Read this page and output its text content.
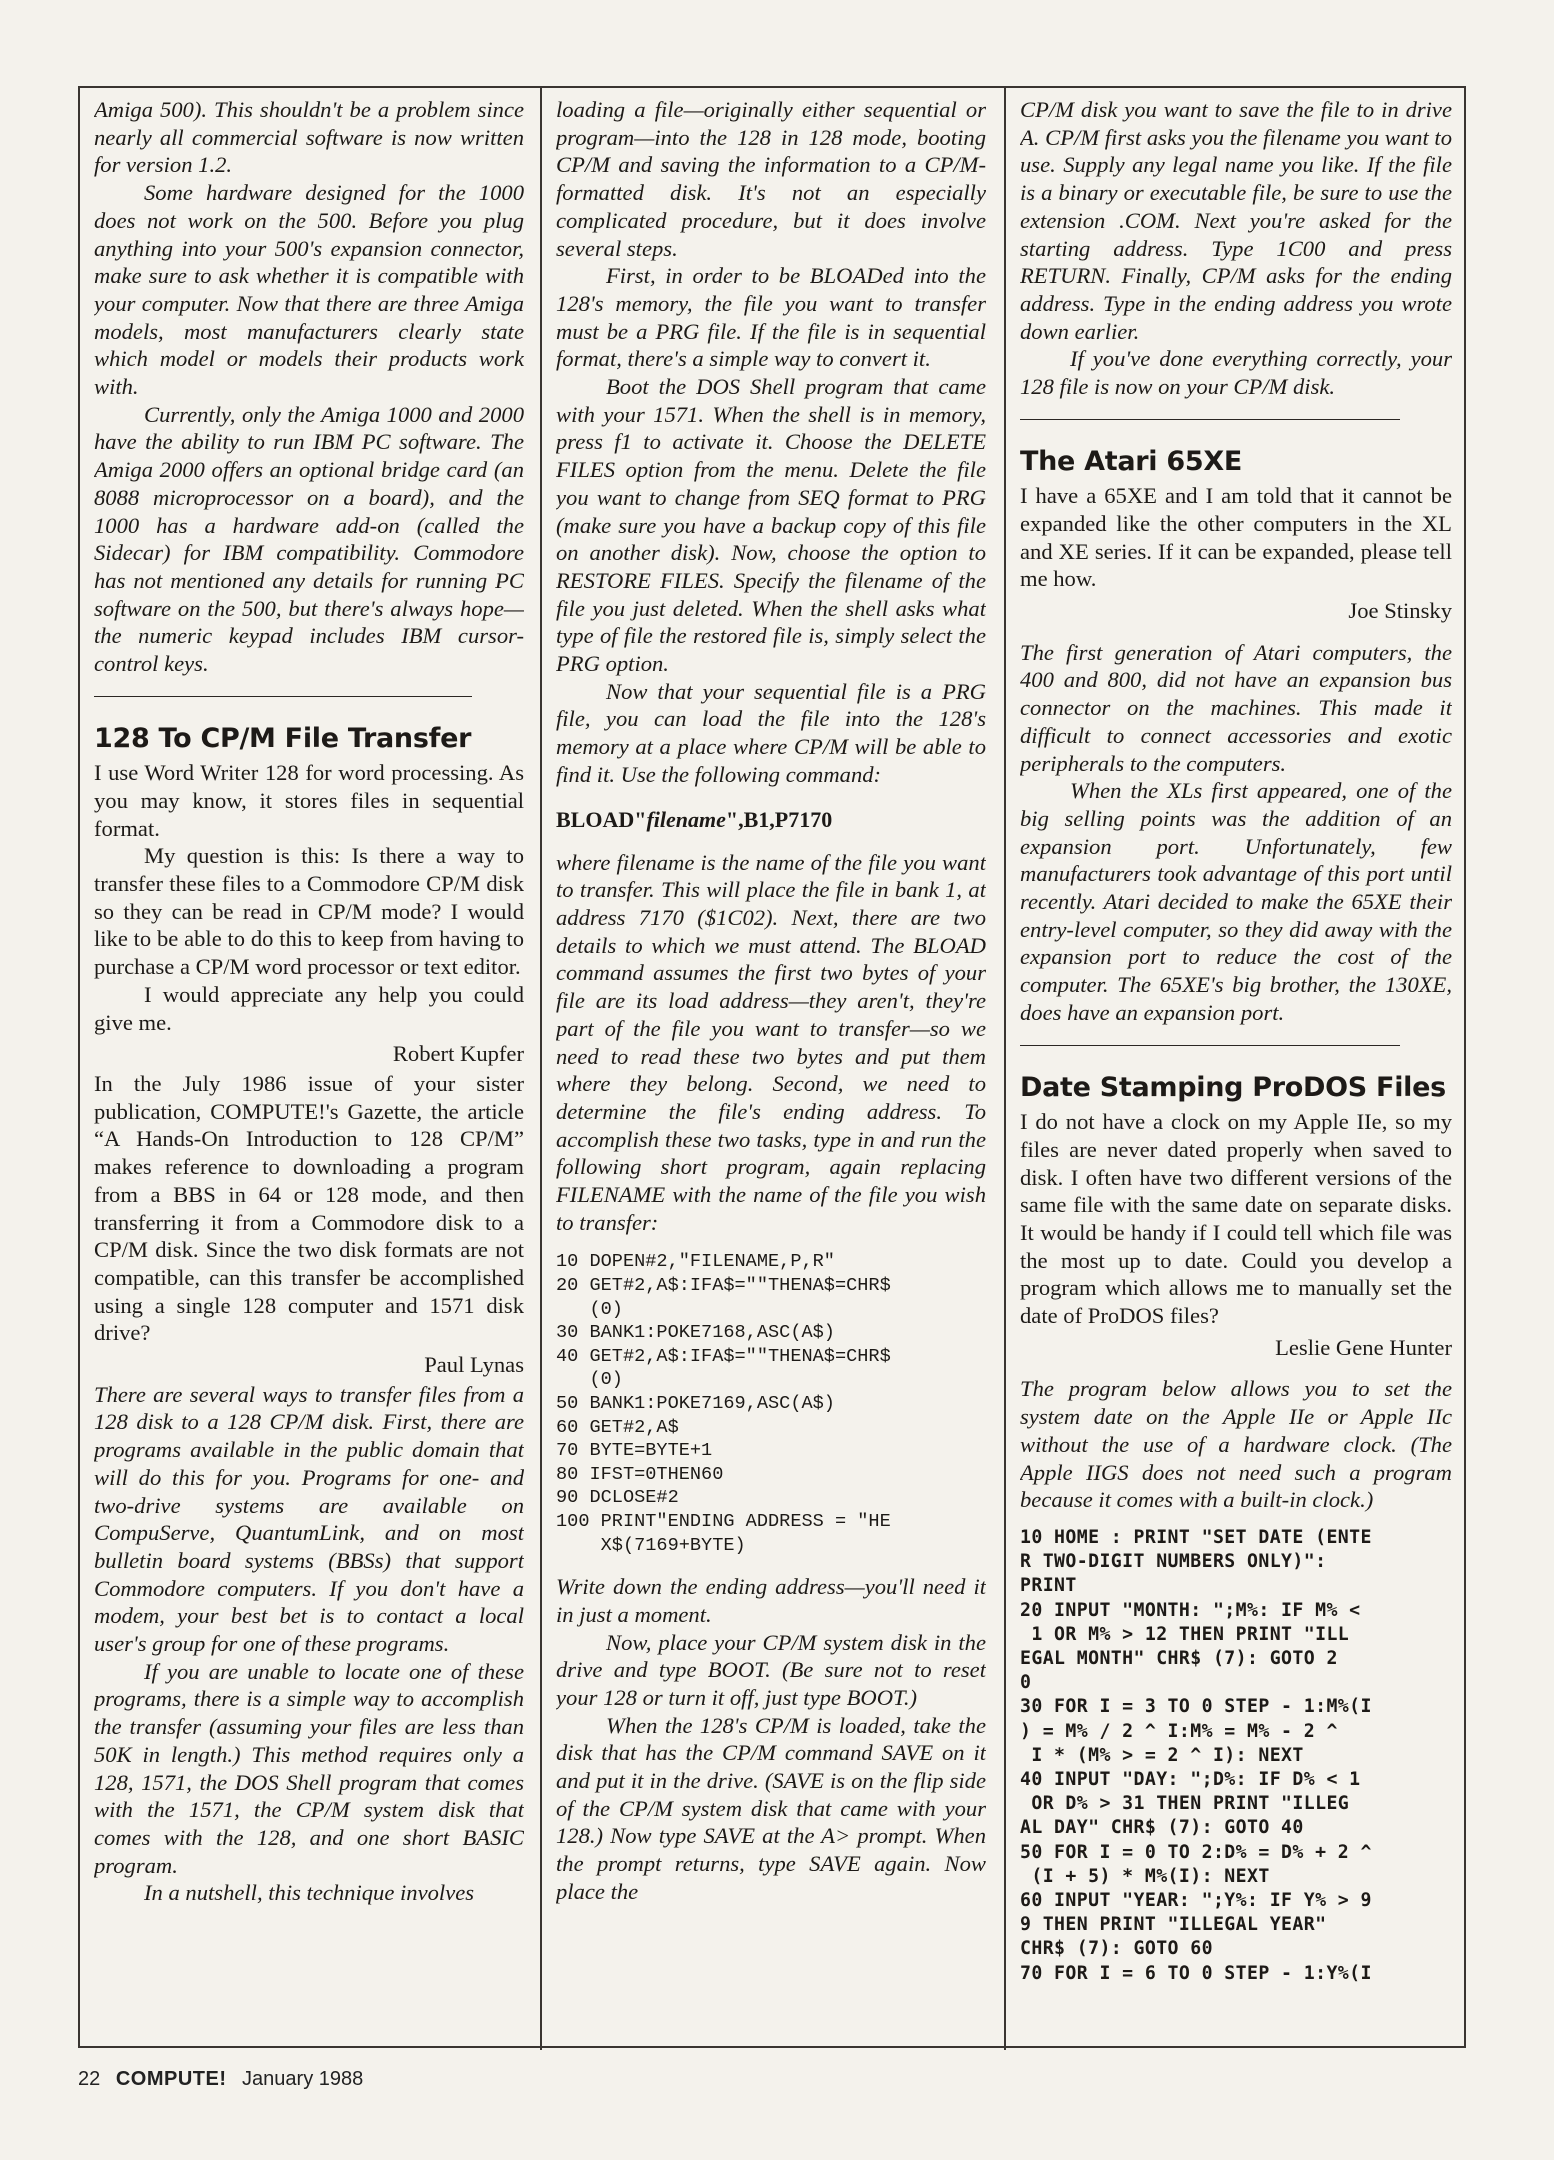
Amiga 500). This shouldn't be a problem since nearly all commercial software is now written for version 1.2.

Some hardware designed for the 1000 does not work on the 500. Before you plug anything into your 500's expansion connector, make sure to ask whether it is compatible with your computer. Now that there are three Amiga models, most manufacturers clearly state which model or models their products work with.

Currently, only the Amiga 1000 and 2000 have the ability to run IBM PC software. The Amiga 2000 offers an optional bridge card (an 8088 microprocessor on a board), and the 1000 has a hardware add-on (called the Sidecar) for IBM compatibility. Commodore has not mentioned any details for running PC software on the 500, but there's always hope—the numeric keypad includes IBM cursor-control keys.

128 To CP/M File Transfer

I use Word Writer 128 for word processing. As you may know, it stores files in sequential format.

My question is this: Is there a way to transfer these files to a Commodore CP/M disk so they can be read in CP/M mode? I would like to be able to do this to keep from having to purchase a CP/M word processor or text editor.

I would appreciate any help you could give me.

Robert Kupfer

In the July 1986 issue of your sister publication, COMPUTE!'s Gazette, the article “A Hands-On Introduction to 128 CP/M” makes reference to downloading a program from a BBS in 64 or 128 mode, and then transferring it from a Commodore disk to a CP/M disk. Since the two disk formats are not compatible, can this transfer be accomplished using a single 128 computer and 1571 disk drive?

Paul Lynas

There are several ways to transfer files from a 128 disk to a 128 CP/M disk. First, there are programs available in the public domain that will do this for you. Programs for one- and two-drive systems are available on CompuServe, QuantumLink, and on most bulletin board systems (BBSs) that support Commodore computers. If you don't have a modem, your best bet is to contact a local user's group for one of these programs.

If you are unable to locate one of these programs, there is a simple way to accomplish the transfer (assuming your files are less than 50K in length.) This method requires only a 128, 1571, the DOS Shell program that comes with the 1571, the CP/M system disk that comes with the 128, and one short BASIC program.

In a nutshell, this technique involves

loading a file—originally either sequential or program—into the 128 in 128 mode, booting CP/M and saving the information to a CP/M-formatted disk. It's not an especially complicated procedure, but it does involve several steps.

First, in order to be BLOADed into the 128's memory, the file you want to transfer must be a PRG file. If the file is in sequential format, there's a simple way to convert it.

Boot the DOS Shell program that came with your 1571. When the shell is in memory, press f1 to activate it. Choose the DELETE FILES option from the menu. Delete the file you want to change from SEQ format to PRG (make sure you have a backup copy of this file on another disk). Now, choose the option to RESTORE FILES. Specify the filename of the file you just deleted. When the shell asks what type of file the restored file is, simply select the PRG option.

Now that your sequential file is a PRG file, you can load the file into the 128's memory at a place where CP/M will be able to find it. Use the following command:

BLOAD"filename",B1,P7170

where filename is the name of the file you want to transfer. This will place the file in bank 1, at address 7170 ($1C02). Next, there are two details to which we must attend. The BLOAD command assumes the first two bytes of your file are its load address—they aren't, they're part of the file you want to transfer—so we need to read these two bytes and put them where they belong. Second, we need to determine the file's ending address. To accomplish these two tasks, type in and run the following short program, again replacing FILENAME with the name of the file you wish to transfer:

10 DOPEN#2,"FILENAME,P,R"
20 GET#2,A$:IFA$=""THENA$=CHR$
(0)
30 BANK1:POKE7168,ASC(A$)
40 GET#2,A$:IFA$=""THENA$=CHR$
(0)
50 BANK1:POKE7169,ASC(A$)
60 GET#2,A$
70 BYTE=BYTE+1
80 IFST=0THEN60
90 DCLOSE#2
100 PRINT"ENDING ADDRESS = "HE
X$(7169+BYTE)

Write down the ending address—you'll need it in just a moment.

Now, place your CP/M system disk in the drive and type BOOT. (Be sure not to reset your 128 or turn it off, just type BOOT.)

When the 128's CP/M is loaded, take the disk that has the CP/M command SAVE on it and put it in the drive. (SAVE is on the flip side of the CP/M system disk that came with your 128.) Now type SAVE at the A> prompt. When the prompt returns, type SAVE again. Now place the

CP/M disk you want to save the file to in drive A. CP/M first asks you the filename you want to use. Supply any legal name you like. If the file is a binary or executable file, be sure to use the extension .COM. Next you're asked for the starting address. Type 1C00 and press RETURN. Finally, CP/M asks for the ending address. Type in the ending address you wrote down earlier.

If you've done everything correctly, your 128 file is now on your CP/M disk.

The Atari 65XE

I have a 65XE and I am told that it cannot be expanded like the other computers in the XL and XE series. If it can be expanded, please tell me how.

Joe Stinsky

The first generation of Atari computers, the 400 and 800, did not have an expansion bus connector on the machines. This made it difficult to connect accessories and exotic peripherals to the computers.

When the XLs first appeared, one of the big selling points was the addition of an expansion port. Unfortunately, few manufacturers took advantage of this port until recently. Atari decided to make the 65XE their entry-level computer, so they did away with the expansion port to reduce the cost of the computer. The 65XE's big brother, the 130XE, does have an expansion port.

Date Stamping ProDOS Files

I do not have a clock on my Apple IIe, so my files are never dated properly when saved to disk. I often have two different versions of the same file with the same date on separate disks. It would be handy if I could tell which file was the most up to date. Could you develop a program which allows me to manually set the date of ProDOS files?

Leslie Gene Hunter

The program below allows you to set the system date on the Apple IIe or Apple IIc without the use of a hardware clock. (The Apple IIGS does not need such a program because it comes with a built-in clock.)

10 HOME : PRINT "SET DATE (ENTE
R TWO-DIGIT NUMBERS ONLY)":
PRINT
20 INPUT "MONTH: ";M%: IF M% <
1 OR M% > 12 THEN PRINT "ILL
EGAL MONTH" CHR$ (7): GOTO 2
0
30 FOR I = 3 TO 0 STEP - 1:M%(I
) = M% / 2 ^ I:M% = M% - 2 ^
I * (M% > = 2 ^ I): NEXT
40 INPUT "DAY: ";D%: IF D% < 1
OR D% > 31 THEN PRINT "ILLEG
AL DAY" CHR$ (7): GOTO 40
50 FOR I = 0 TO 2:D% = D% + 2 ^
(I + 5) * M%(I): NEXT
60 INPUT "YEAR: ";Y%: IF Y% > 9
9 THEN PRINT "ILLEGAL YEAR"
CHR$ (7): GOTO 60
70 FOR I = 6 TO 0 STEP - 1:Y%(I
22 COMPUTE! January 1988
